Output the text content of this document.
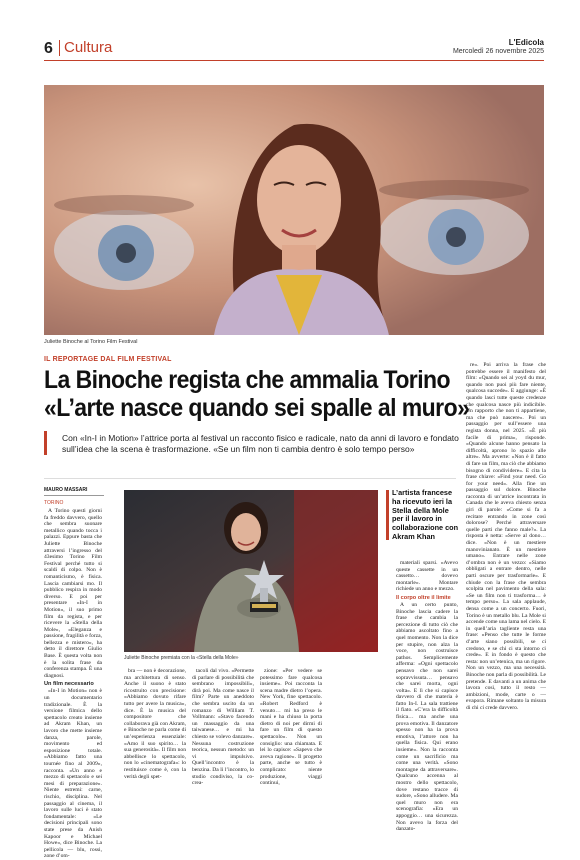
6 Cultura	L'Edicola
Mercoledì 26 novembre 2025
Juliette Binoche al Torino Film Festival
IL REPORTAGE DAL FILM FESTIVAL
La Binoche regista che ammalia Torino
«L’arte nasce quando sei spalle al muro»

Con «In-I in Motion» l’attrice porta al festival un racconto fisico e radicale, nato da anni di lavoro e fondato sull’idea che la scena è trasformazione. «Se un film non ti cambia dentro è solo tempo perso»

MAURO MASSARI
TORINO

A Torino questi giorni fa freddo davvero, quello che sembra suonare metallico quando tocca i palazzi. Eppure basta che Juliette Binoche attraversi l’ingresso del 43esimo Torino Film Festival perché tutto si scaldi di colpo. Non è romanticismo, è fisica. Lascia cambiarsi mo. Il pubblico respira in modo diverso. E poi per presentare «In-I in Motion», il suo primo film da regista, e per ricevere la «Stella della Mole», «Eleganza e passione, fragilità e forza, bellezza e mistero», ha detto il direttore Giulio Base. È questa volta non è la solita frase da conferenza stampa. È una diagnosi.

Un film necessario

«In-I in Motion» non è un documentario tradizionale. È la versione filmica dello spettacolo creato insieme ad Akram Khan, un lavoro che mette insieme danza, parole, movimento ed esposizione totale. «Abbiamo fatto una tournée fino al 2009», racconta. «Un anno e mezzo di spettacolo e sei mesi di preparazione». Niente estremi: carne, rischio, disciplina. Nel passaggio al cinema, il lavoro sulle luci è stato fondamentale: «Le decisioni principali sono state prese da Anish Kapoor e Michael Howe», dice Binoche. La pellicola — blu, rossi, zone d’om-

Juliette Binoche premiata con la «Stella della Mole»

L’artista francese ha ricevuto ieri la Stella della Mole per il lavoro in collaborazione con Akram Khan

bra — non è decorazione, ma architettura di senso. Anche il suono è stato ricostruito con precisione: «Abbiamo dovuto rifare tutto per avere la musica», dice. È la musica del compositore che collaborava già con Akram, e Binoche ne parla come di un’esperienza essenziale: «Amo il suo spirito… la sua generosità». Il film non abbellisce lo spettacolo, non lo «cinematografa»: lo restituisce come è, con la verità degli spet-

tacoli dal vivo. «Permette di parlare di possibilità che sembrano impossibili», dirà poi. Ma come nasce il film? Parte un aneddoto che sembra uscito da un romanzo di William T. Vollmann: «Stavo facendo un massaggio da una taiwanese… e mi ha chiesto se volevo danzare». Nessuna costruzione teorica, nessun metodo: un vi impulsivo. Quell’incontro è la benzina. Da lì l’incontro, lo studio condiviso, la co-crea-

zione: «Per vedere se potessimo fare qualcosa insieme». Poi racconta la scena madre dietro l’opera. New York, fine spettacolo. «Robert Redford è venuto… mi ha preso le mani e ha chiuso la porta dietro di noi per dirmi di fare un film di questo spettacolo». Non un consiglio: una chiamata. E lei lo capisce: «Sapevo che aveva ragione». Il progetto parte, anche se tutto è complicato: niente produzione, viaggi continui,

materiali sparsi. «Avevo queste cassette in un cassetto… dovevo montarle». Montare richiede un anno e mezzo.

Il corpo oltre il limite

A un certo punto, Binoche lascia cadere la frase che cambia la percezione di tutto ciò che abbiamo ascoltato fino a quel momento. Non la dice per stupire, non alza la voce, non costruisce pathos. Semplicemente afferma: «Ogni spettacolo pensavo che non sarei sopravvissuta… pensavo che sarei morta, ogni volta». E lì che si capisce davvero di che materia è fatto In-I. La sala trattiene il fiato. «C’era la difficoltà fisica… ma anche una prova emotiva. Il danzatore spesso non ha la prova emotiva, l’attore non ha quella fisica. Qui erano insieme». Non la racconta come un sacrificio ma come una verità. «Sono montagne da attraversare». Qualcuno accenna al mostro dello spettacolo, dove restano tracce di sudore, «Sono alludere. Ma quel muro non era scenografia: «Era un appoggio… una sicurezza. Non avevo la forza del danzato-

re». Poi arriva la frase che potrebbe essere il manifesto del film: «Quando sei al yoyd du mur, quando non puoi più fare niente, qualcosa succede». E aggiunge: «È quando lasci tutte queste credenze che qualcosa nasce più indicibile. Un rapporto che non ti appartiene, ma che può nascere». Poi un passaggio per sull’essere una regista donna, nel 2025. «È più facile di prima», risponde. «Quando alcune hanno pensato la difficoltà, aprono lo spazio alle altre». Ma avverte: «Non è il fatto di fare un film, ma ciò che abbiamo bisogno di condividere». E cita la frase chiave: «Find your need. Go for your need». Alla fine un passaggio sul dolore. Binoche racconta di un’atrice incontrata in Canada che le aveva chiesto senza giri di parole: «Come si fa a recitare entrando in zone così dolorose? Perché attraversare quelle parti che fanno male?». La risposta è netta: «Serve al dono… dice. «Non è un mestiere manovinianato. È un mestiere umano». Entrare nelle zone d’ombra non è un vezzo: «Siamo obbligati a entrare dentro, nelle parti oscure per trasformarle». E chiude con la frase che sembra scolpita nel pavimento della sala: «Se un film non ti trasforma… è tempo perso». La sala applaude, densa come a un concerto. Fuori, Torino è un metallo blu. La Mole si accende come una lama nel cielo. E in quell’aria tagliente resta una frase: «Penso che tutte le forme d’arte siano possibili, se ci credono, e se chi ci sta intorno ci crede». E in fondo è questo che resta: non un’etenica, ma un rigore. Non un vezzo, ma una necessità. Binoche non parla di possibilità. Le pretende. E davanti a un anima che lavora così, tutto il resto — ambizioni, mode, carte o — evapora. Rimane soltanto la misura di chi ci crede davvero.
